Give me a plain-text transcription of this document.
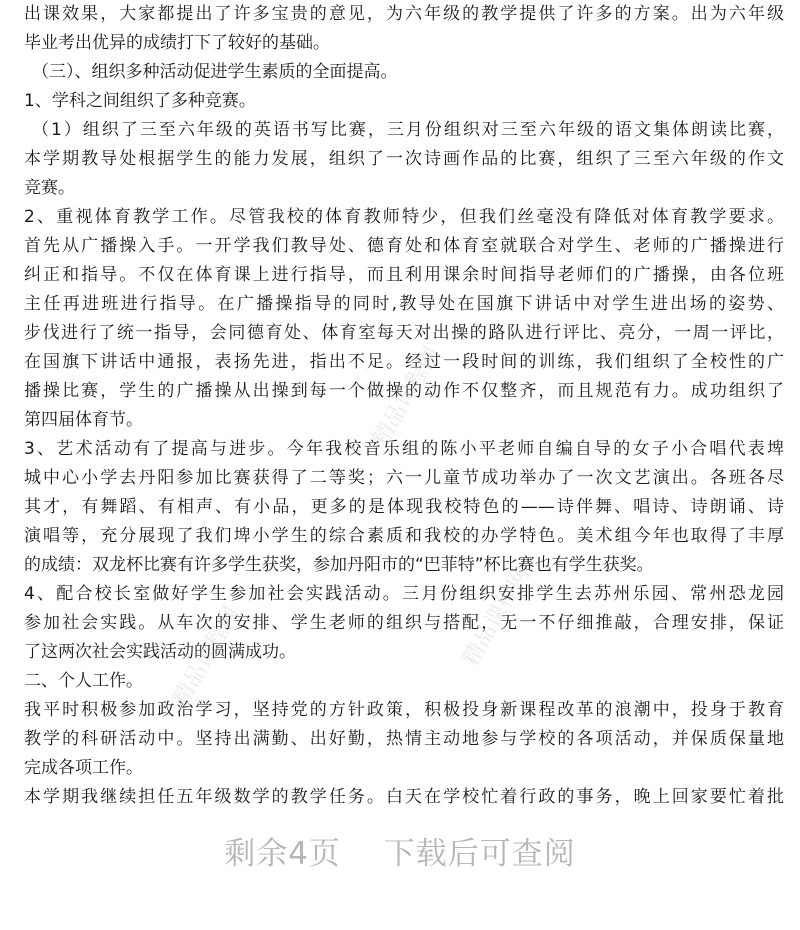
出课效果，大家都提出了许多宝贵的意见，为六年级的教学提供了许多的方案。出为六年级
毕业考出优异的成绩打下了较好的基础。
（三）、组织多种活动促进学生素质的全面提高。
1、学科之间组织了多种竞赛。
（1）组织了三至六年级的英语书写比赛，三月份组织对三至六年级的语文集体朗读比赛，
本学期教导处根据学生的能力发展，组织了一次诗画作品的比赛，组织了三至六年级的作文
竞赛。
2、重视体育教学工作。尽管我校的体育教师特少，但我们丝毫没有降低对体育教学要求。
首先从广播操入手。一开学我们教导处、德育处和体育室就联合对学生、老师的广播操进行
纠正和指导。不仅在体育课上进行指导，而且利用课余时间指导老师们的广播操，由各位班
主任再进班进行指导。在广播操指导的同时,教导处在国旗下讲话中对学生进出场的姿势、
步伐进行了统一指导，会同德育处、体育室每天对出操的路队进行评比、亮分，一周一评比，
在国旗下讲话中通报，表扬先进，指出不足。经过一段时间的训练，我们组织了全校性的广
播操比赛，学生的广播操从出操到每一个做操的动作不仅整齐，而且规范有力。成功组织了
第四届体育节。
3、艺术活动有了提高与进步。今年我校音乐组的陈小平老师自编自导的女子小合唱代表埤
城中心小学去丹阳参加比赛获得了二等奖；六一儿童节成功举办了一次文艺演出。各班各尽
其才，有舞蹈、有相声、有小品，更多的是体现我校特色的——诗伴舞、唱诗、诗朗诵、诗
演唱等，充分展现了我们埤小学生的综合素质和我校的办学特色。美术组今年也取得了丰厚
的成绩：双龙杯比赛有许多学生获奖，参加丹阳市的“巴菲特”杯比赛也有学生获奖。
4、配合校长室做好学生参加社会实践活动。三月份组织安排学生去苏州乐园、常州恐龙园
参加社会实践。从车次的安排、学生老师的组织与搭配，无一不仔细推敲，合理安排，保证
了这两次社会实践活动的圆满成功。
二、个人工作。
我平时积极参加政治学习，坚持党的方针政策，积极投身新课程改革的浪潮中，投身于教育
教学的科研活动中。坚持出满勤、出好勤，热情主动地参与学校的各项活动，并保质保量地
完成各项工作。
本学期我继续担任五年级数学的教学任务。白天在学校忙着行政的事务，晚上回家要忙着批
精品课程网	精品课程网
精品课程网
剩余4页 下载后可查阅
